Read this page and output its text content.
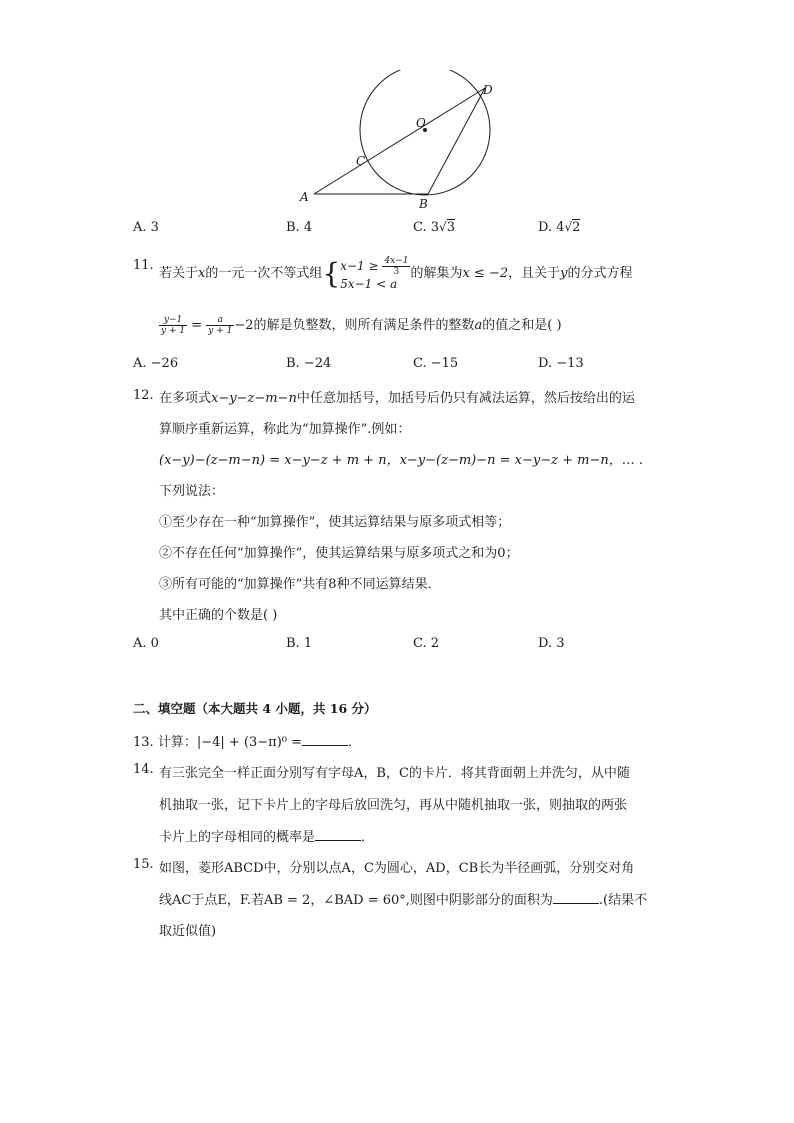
D
O
C
A	B
A. 3	B. 4	C. 3√3	D. 4√2
11.
若关于x的一元一次不等式组{ $x-1 \ge \frac{4x-1}{3}$
5x−1 < a
的解集为x ≤ −2，且关于y的分式方程
$\frac{y-1}{y + 1} = \frac{a}{y + 1} -2$的解是负整数，则所有满足条件的整数a的值之和是( )
A. −26	B. −24	C. −15	D. −13
12. 在多项式x−y−z−m−n中任意加括号，加括号后仍只有减法运算，然后按给出的运
算顺序重新运算，称此为“加算操作”.例如：
(x−y)−(z−m−n) = x−y−z + m + n，x−y−(z−m)−n = x−y−z + m−n，… .
下列说法：
①至少存在一种“加算操作”，使其运算结果与原多项式相等；
②不存在任何“加算操作”，使其运算结果与原多项式之和为0；
③所有可能的“加算操作”共有8种不同运算结果．
其中正确的个数是( )
A. 0	B. 1	C. 2	D. 3
二、填空题（本大题共 4 小题，共 16 分）
13. 计算：|−4| + (3−π)⁰ =	．
14. 有三张完全一样正面分别写有字母A，B，C的卡片．将其背面朝上并洗匀，从中随
机抽取一张，记下卡片上的字母后放回洗匀，再从中随机抽取一张，则抽取的两张
卡片上的字母相同的概率是	．
15. 如图，菱形ABCD中，分别以点A，C为圆心，AD，CB长为半径画弧，分别交对角
线AC于点E，F.若AB = 2，∠BAD = 60°,则图中阴影部分的面积为	.(结果不
取近似值)
